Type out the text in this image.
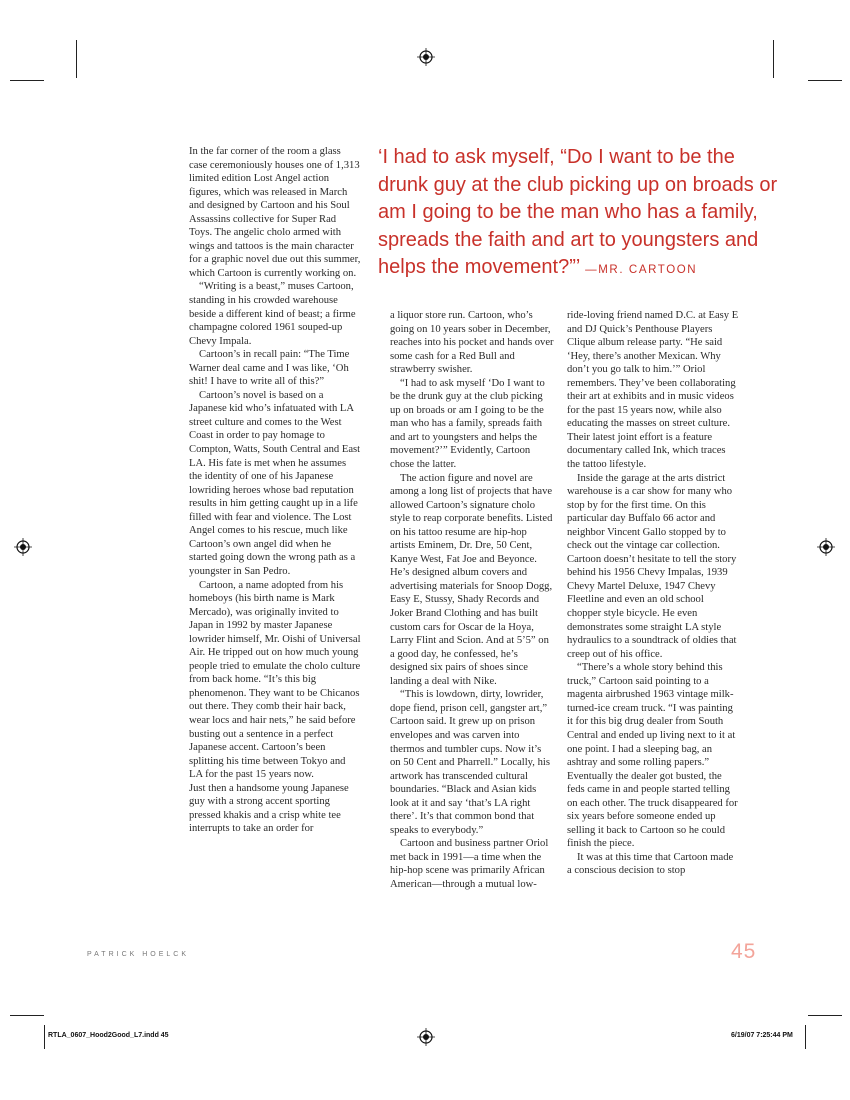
‘I had to ask myself, “Do I want to be the drunk guy at the club picking up on broads or am I going to be the man who has a family, spreads the faith and art to youngsters and helps the movement?”’ —MR. CARTOON

In the far corner of the room a glass case ceremoniously houses one of 1,313 limited edition Lost Angel action figures, which was released in March and designed by Cartoon and his Soul Assassins collective for Super Rad Toys. The angelic cholo armed with wings and tattoos is the main character for a graphic novel due out this summer, which Cartoon is currently working on.

“Writing is a beast,” muses Cartoon, standing in his crowded warehouse beside a different kind of beast; a firme champagne colored 1961 souped-up Chevy Impala.

Cartoon’s in recall pain: “The Time Warner deal came and I was like, ‘Oh shit! I have to write all of this?”

Cartoon’s novel is based on a Japanese kid who’s infatuated with LA street culture and comes to the West Coast in order to pay homage to Compton, Watts, South Central and East LA. His fate is met when he assumes the identity of one of his Japanese lowriding heroes whose bad reputation results in him getting caught up in a life filled with fear and violence. The Lost Angel comes to his rescue, much like Cartoon’s own angel did when he started going down the wrong path as a youngster in San Pedro.

Cartoon, a name adopted from his homeboys (his birth name is Mark Mercado), was originally invited to Japan in 1992 by master Japanese lowrider himself, Mr. Oishi of Universal Air. He tripped out on how much young people tried to emulate the cholo culture from back home. “It’s this big phenomenon. They want to be Chicanos out there. They comb their hair back, wear locs and hair nets,” he said before busting out a sentence in a perfect Japanese accent. Cartoon’s been splitting his time between Tokyo and LA for the past 15 years now.

Just then a handsome young Japanese guy with a strong accent sporting pressed khakis and a crisp white tee interrupts to take an order for

a liquor store run. Cartoon, who’s going on 10 years sober in December, reaches into his pocket and hands over some cash for a Red Bull and strawberry swisher.

“I had to ask myself ‘Do I want to be the drunk guy at the club picking up on broads or am I going to be the man who has a family, spreads faith and art to youngsters and helps the movement?’” Evidently, Cartoon chose the latter.

The action figure and novel are among a long list of projects that have allowed Cartoon’s signature cholo style to reap corporate benefits. Listed on his tattoo resume are hip-hop artists Eminem, Dr. Dre, 50 Cent, Kanye West, Fat Joe and Beyonce. He’s designed album covers and advertising materials for Snoop Dogg, Easy E, Stussy, Shady Records and Joker Brand Clothing and has built custom cars for Oscar de la Hoya, Larry Flint and Scion. And at 5’5” on a good day, he confessed, he’s designed six pairs of shoes since landing a deal with Nike.

“This is lowdown, dirty, lowrider, dope fiend, prison cell, gangster art,” Cartoon said. It grew up on prison envelopes and was carven into thermos and tumbler cups. Now it’s on 50 Cent and Pharrell.” Locally, his artwork has transcended cultural boundaries. “Black and Asian kids look at it and say ‘that’s LA right there’. It’s that common bond that speaks to everybody.”

Cartoon and business partner Oriol met back in 1991—a time when the hip-hop scene was primarily African American—through a mutual low-

ride-loving friend named D.C. at Easy E and DJ Quick’s Penthouse Players Clique album release party. “He said ‘Hey, there’s another Mexican. Why don’t you go talk to him.’” Oriol remembers. They’ve been collaborating their art at exhibits and in music videos for the past 15 years now, while also educating the masses on street culture. Their latest joint effort is a feature documentary called Ink, which traces the tattoo lifestyle.

Inside the garage at the arts district warehouse is a car show for many who stop by for the first time. On this particular day Buffalo 66 actor and neighbor Vincent Gallo stopped by to check out the vintage car collection. Cartoon doesn’t hesitate to tell the story behind his 1956 Chevy Impalas, 1939 Chevy Martel Deluxe, 1947 Chevy Fleetline and even an old school chopper style bicycle. He even demonstrates some straight LA style hydraulics to a soundtrack of oldies that creep out of his office.

“There’s a whole story behind this truck,” Cartoon said pointing to a magenta airbrushed 1963 vintage milk-turned-ice cream truck. “I was painting it for this big drug dealer from South Central and ended up living next to it at one point. I had a sleeping bag, an ashtray and some rolling papers.” Eventually the dealer got busted, the feds came in and people started telling on each other. The truck disappeared for six years before someone ended up selling it back to Cartoon so he could finish the piece.

It was at this time that Cartoon made a conscious decision to stop

PATRICK HOELCK	45
RTLA_0607_Hood2Good_L7.indd 45	6/19/07 7:25:44 PM
